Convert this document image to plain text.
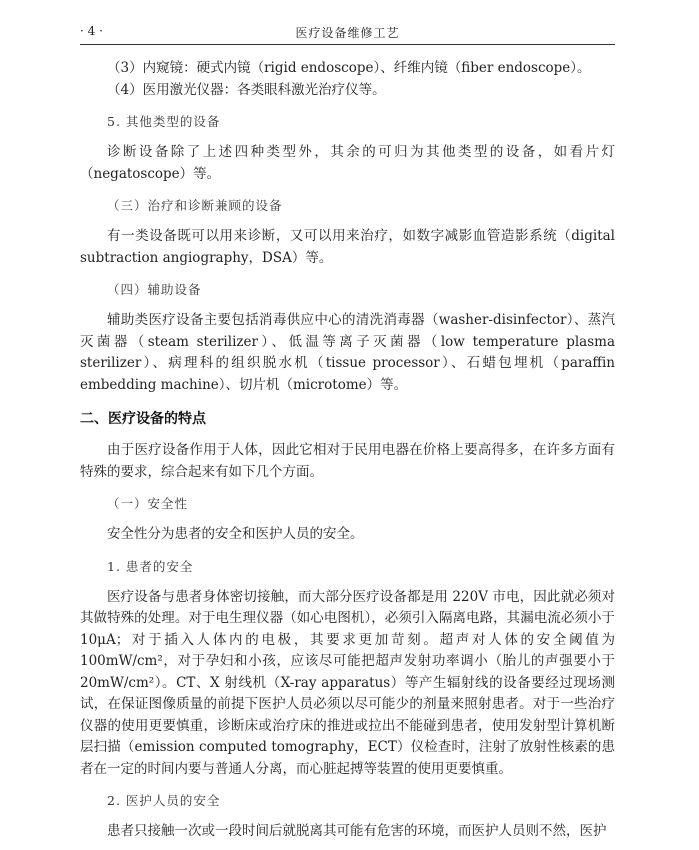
· 4 ·	医疗设备维修工艺

（3）内窥镜：硬式内镜（rigid endoscope）、纤维内镜（fiber endoscope）。

（4）医用激光仪器：各类眼科激光治疗仪等。

5. 其他类型的设备

诊断设备除了上述四种类型外，其余的可归为其他类型的设备，如看片灯（negatoscope）等。

（三）治疗和诊断兼顾的设备

有一类设备既可以用来诊断，又可以用来治疗，如数字减影血管造影系统（digital subtraction angiography，DSA）等。

（四）辅助设备

辅助类医疗设备主要包括消毒供应中心的清洗消毒器（washer-disinfector）、蒸汽灭菌器（steam sterilizer）、低温等离子灭菌器（low temperature plasma sterilizer）、病理科的组织脱水机（tissue processor）、石蜡包埋机（paraffin embedding machine）、切片机（microtome）等。

二、医疗设备的特点

由于医疗设备作用于人体，因此它相对于民用电器在价格上要高得多，在许多方面有特殊的要求，综合起来有如下几个方面。

（一）安全性

安全性分为患者的安全和医护人员的安全。

1. 患者的安全

医疗设备与患者身体密切接触，而大部分医疗设备都是用 220V 市电，因此就必须对其做特殊的处理。对于电生理仪器（如心电图机），必须引入隔离电路，其漏电流必须小于 10μA；对于插入人体内的电极，其要求更加苛刻。超声对人体的安全阈值为 100mW/cm²，对于孕妇和小孩，应该尽可能把超声发射功率调小（胎儿的声强要小于 20mW/cm²）。CT、X 射线机（X-ray apparatus）等产生辐射线的设备要经过现场测试，在保证图像质量的前提下医护人员必须以尽可能少的剂量来照射患者。对于一些治疗仪器的使用更要慎重，诊断床或治疗床的推进或拉出不能碰到患者，使用发射型计算机断层扫描（emission computed tomography，ECT）仪检查时，注射了放射性核素的患者在一定的时间内要与普通人分离，而心脏起搏等装置的使用更要慎重。

2. 医护人员的安全

患者只接触一次或一段时间后就脱离其可能有危害的环境，而医护人员则不然，医护
